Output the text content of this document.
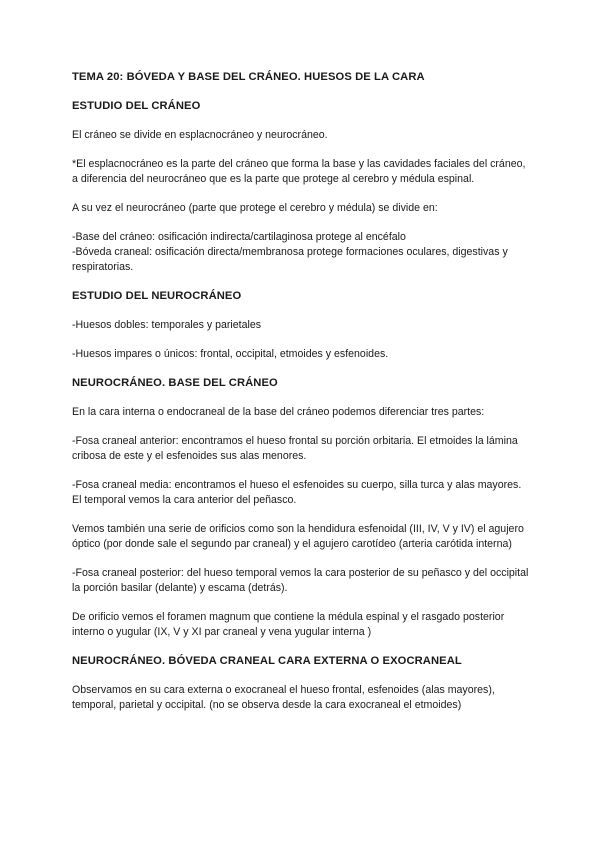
TEMA 20: BÓVEDA Y BASE DEL CRÁNEO. HUESOS DE LA CARA
ESTUDIO DEL CRÁNEO

El cráneo se divide en esplacnocráneo y neurocráneo.

*El esplacnocráneo es la parte del cráneo que forma la base y las cavidades faciales del cráneo, a diferencia del neurocráneo que es la parte que protege al cerebro y médula espinal.

A su vez el neurocráneo (parte que protege el cerebro y médula) se divide en:

-Base del cráneo: osificación indirecta/cartilaginosa protege al encéfalo

-Bóveda craneal: osificación directa/membranosa protege formaciones oculares, digestivas y respiratorias.

ESTUDIO DEL NEUROCRÁNEO

-Huesos dobles: temporales y parietales

-Huesos impares o únicos: frontal, occipital, etmoides y esfenoides.

NEUROCRÁNEO. BASE DEL CRÁNEO

En la cara interna o endocraneal de la base del cráneo podemos diferenciar tres partes:

-Fosa craneal anterior: encontramos el hueso frontal su porción orbitaria. El etmoides la lámina cribosa de este y el esfenoides sus alas menores.

-Fosa craneal media: encontramos el hueso el esfenoides su cuerpo, silla turca y alas mayores. El temporal vemos la cara anterior del peñasco.

Vemos también una serie de orificios como son la hendidura esfenoidal (III, IV, V y IV) el agujero óptico (por donde sale el segundo par craneal) y el agujero carotídeo (arteria carótida interna)

-Fosa craneal posterior: del hueso temporal vemos la cara posterior de su peñasco y del occipital la porción basilar (delante) y escama (detrás).

De orificio vemos el foramen magnum que contiene la médula espinal y el rasgado posterior interno o yugular (IX, V y XI par craneal y vena yugular interna )

NEUROCRÁNEO. BÓVEDA CRANEAL CARA EXTERNA O EXOCRANEAL

Observamos en su cara externa o exocraneal el hueso frontal, esfenoides (alas mayores), temporal, parietal y occipital. (no se observa desde la cara exocraneal el etmoides)
